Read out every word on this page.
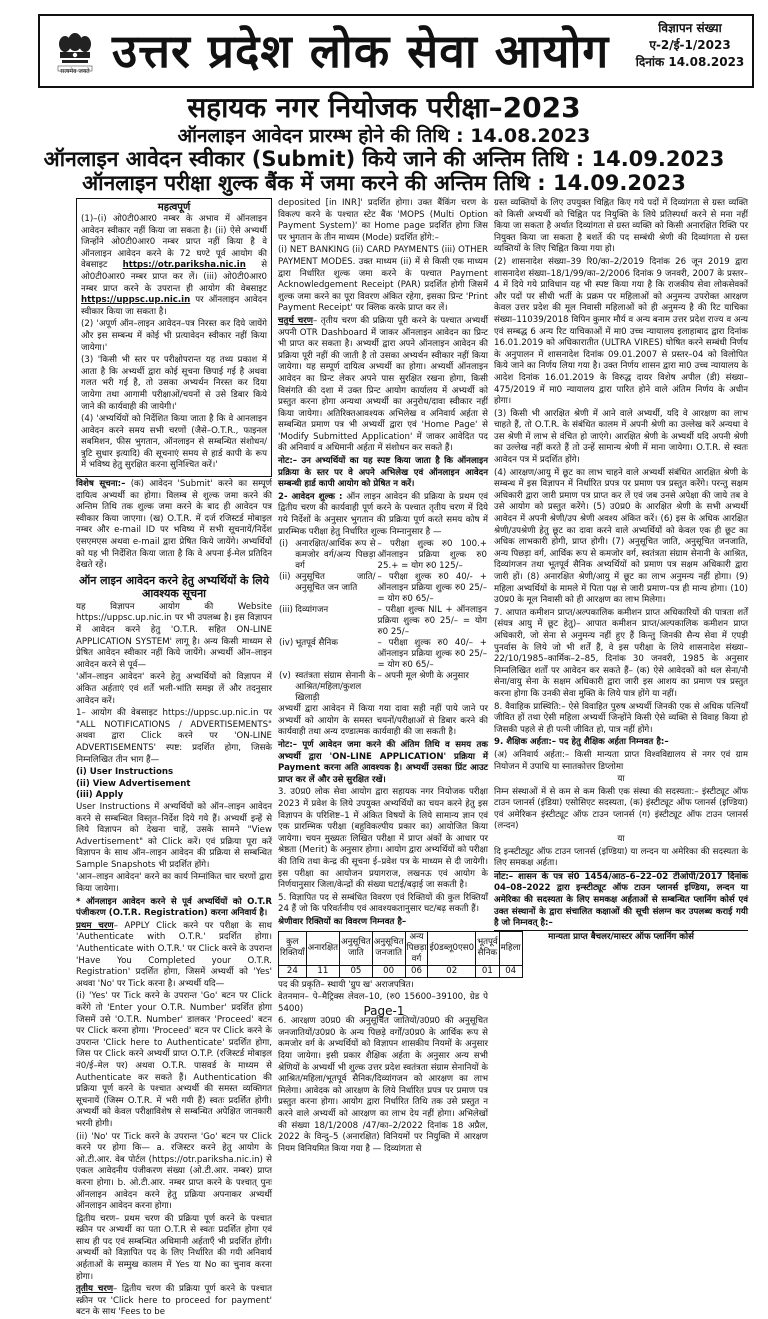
सत्यमेव जयते उत्तर प्रदेश लोक सेवा आयोग	विज्ञापन संख्या
ए-2/ई-1/2023
दिनांक 14.08.2023
सहायक नगर नियोजक परीक्षा–2023
ऑनलाइन आवेदन प्रारम्भ होने की तिथि : 14.08.2023
ऑनलाइन आवेदन स्वीकार (Submit) किये जाने की अन्तिम तिथि : 14.09.2023
ऑनलाइन परीक्षा शुल्क बैंक में जमा करने की अन्तिम तिथि : 14.09.2023
महत्वपूर्ण

(1)–(i) ओ0टी0आर0 नम्बर के अभाव में ऑनलाइन आवेदन स्वीकार नहीं किया जा सकता है। (ii) ऐसे अभ्यर्थी जिन्होंने ओ0टी0आर0 नम्बर प्राप्त नहीं किया है वे ऑनलाइन आवेदन करने के 72 घण्टे पूर्व आयोग की वेबसाइट https://otr.pariksha.nic.in से ओ0टी0आर0 नम्बर प्राप्त कर लें। (iii) ओ0टी0आर0 नम्बर प्राप्त करने के उपरान्त ही आयोग की वेबसाइट https://uppsc.up.nic.in पर ऑनलाइन आवेदन स्वीकार किया जा सकता है।

(2) 'अपूर्ण ऑन–लाइन आवेदन–पत्र निरस्त कर दिये जायेंगे और इस सम्बन्ध में कोई भी प्रत्यावेदन स्वीकार नहीं किया जायेगा।'

(3) 'किसी भी स्तर पर परीक्षोपरान्त यह तथ्य प्रकाश में आता है कि अभ्यर्थी द्वारा कोई सूचना छिपाई गई है अथवा गलत भरी गई है, तो उसका अभ्यर्थन निरस्त कर दिया जायेगा तथा आगामी परीक्षाओं/चयनों से उसे डिबार किये जाने की कार्यवाही की जायेगी।'

(4) 'अभ्यर्थियों को निर्देशित किया जाता है कि वे आनलाइन आवेदन करने समय सभी चरणों (जैसे–O.T.R., फाइनल सबमिशन, फीस भुगतान, ऑनलाइन से सम्बन्धित संशोधन/त्रुटि सुधार इत्यादि) की सूचनाएं समय से हार्ड कापी के रूप में भविष्य हेतु सुरक्षित करना सुनिश्चित करें।'

विशेष सूचना:– (क) आवेदन 'Submit' करने का सम्पूर्ण दायित्व अभ्यर्थी का होगा। विलम्ब से शुल्क जमा करने की अन्तिम तिथि तक शुल्क जमा करने के बाद ही आवेदन पत्र स्वीकार किया जाएगा। (ख) O.T.R. में दर्ज रजिस्टर्ड मोबाइल नम्बर और e-mail ID पर भविष्य में सभी सूचनायें/निर्देश एसएमएस अथवा e-mail द्वारा प्रेषित किये जायेंगे। अभ्यर्थियों को यह भी निर्देशित किया जाता है कि वे अपना ई-मेल प्रतिदिन देखते रहें।

ऑन लाइन आवेदन करने हेतु अभ्यर्थियों के लिये आवश्यक सूचना

यह विज्ञापन आयोग की Website https://uppsc.up.nic.in पर भी उपलब्ध है। इस विज्ञापन में आवेदन करने हेतु 'O.T.R. सहित ON-LINE APPLICATION SYSTEM' लागू है। अन्य किसी माध्यम से प्रेषित आवेदन स्वीकार नहीं किये जायेंगे। अभ्यर्थी ऑन–लाइन आवेदन करने से पूर्व—

'ऑन–लाइन आवेदन' करने हेतु अभ्यर्थियों को विज्ञापन में अंकित अर्हताएं एवं शर्तें भली-भांति समझ लें और तदनुसार आवेदन करें।

1– आयोग की वेबसाइट https://uppsc.up.nic.in पर "ALL NOTIFICATIONS / ADVERTISEMENTS" अथवा द्वारा Click करने पर 'ON-LINE ADVERTISEMENTS' स्पष्ट: प्रदर्शित होगा, जिसके निम्नलिखित तीन भाग हैं—

(i) User Instructions
(ii) View Advertisement
(iii) Apply

User Instructions में अभ्यर्थियों को ऑन–लाइन आवेदन करने से सम्बन्धित विस्तृत–निर्देश दिये गये हैं। अभ्यर्थी इन्हें से लिये विज्ञापन को देखना चाहें, उसके सामने "View Advertisement" को Click करें। एवं प्रक्रिया पूरा करें विज्ञापन के साथ ऑन–लाइन आवेदन की प्रक्रिया से सम्बन्धित Sample Snapshots भी प्रदर्शित होंगे।

'आन–लाइन आवेदन' करने का कार्य निम्नांकित चार चरणों द्वारा किया जायेगा।

* ऑनलाइन आवेदन करने से पूर्व अभ्यर्थियों को O.T.R पंजीकरण (O.T.R. Registration) करना अनिवार्य है।

प्रथम चरण– APPLY Click करने पर परीक्षा के साथ 'Authenticate with O.T.R.' प्रदर्शित होगा। 'Authenticate with O.T.R.' पर Click करने के उपरान्त 'Have You Completed your O.T.R. Registration' प्रदर्शित होगा, जिसमें अभ्यर्थी को 'Yes' अथवा 'No' पर Tick करना है। अभ्यर्थी यदि—

(i) 'Yes' पर Tick करने के उपरान्त 'Go' बटन पर Click करेंगे तो 'Enter your O.T.R. Number' प्रदर्शित होगा जिसमें उसे 'O.T.R. Number' डालकर 'Proceed' बटन पर Click करना होगा। 'Proceed' बटन पर Click करने के उपरान्त 'Click here to Authenticate' प्रदर्शित होगा, जिस पर Click करने अभ्यर्थी प्राप्त O.T.P. (रजिस्टर्ड मोबाइल नं0/ई–मेल पर) अथवा O.T.R. पासवर्ड के माध्यम से Authenticate कर सकते हैं। Authentication की प्रक्रिया पूर्ण करने के पश्चात अभ्यर्थी की समस्त व्यक्तिगत सूचनायें (जिस्म O.T.R. में भरी गयी हैं) स्वतः प्रदर्शित होगी। अभ्यर्थी को केवल परीक्षाविशेष से सम्बन्धित अपेक्षित जानकारी भरनी होगी।

(ii) 'No' पर Tick करने के उपरान्त 'Go' बटन पर Click करने पर होगा कि— a. रजिस्टर करने हेतु आयोग के ओ.टी.आर. वेब पोर्टल (https://otr.pariksha.nic.in) से एकल आवेदनीय पंजीकरण संख्या (ओ.टी.आर. नम्बर) प्राप्त करना होगा। b. ओ.टी.आर. नम्बर प्राप्त करने के पश्चात् पुनः ऑनलाइन आवेदन करने हेतु प्रक्रिया अपनाकर अभ्यर्थी ऑनलाइन आवेदन करना होगा।

द्वितीय चरण– प्रथम चरण की प्रक्रिया पूर्ण करने के पश्चात स्क्रीन पर अभ्यर्थी का पता O.T.R से स्वतः प्रदर्शित होगा एवं साथ ही पद एवं सम्बन्धित अधिमानी अर्हताएँ भी प्रदर्शित होंगी। अभ्यर्थी को विज्ञापित पद के लिए निर्धारित की गयी अनिवार्य अर्हताओं के सम्मुख कालम में Yes या No का चुनाव करना होगा।

तृतीय चरण– द्वितीय चरण की प्रक्रिया पूर्ण करने के पश्चात स्क्रीन पर 'Click here to proceed for payment' बटन के साथ 'Fees to be

deposited [in INR]' प्रदर्शित होगा। उक्त बैंकिंग चरण के विकल्प करने के पश्चात स्टेट बैंक 'MOPS (Multi Option Payment System)' का Home page प्रदर्शित होगा जिस पर भुगतान के तीन माध्यम (Mode) प्रदर्शित होंगे:–

(i) NET BANKING (ii) CARD PAYMENTS (iii) OTHER PAYMENT MODES. उक्त माध्यम (ii) में से किसी एक माध्यम द्वारा निर्धारित शुल्क जमा करने के पश्चात Payment Acknowledgement Receipt (PAR) प्रदर्शित होगी जिसमें शुल्क जमा करने का पूरा विवरण अंकित रहेगा, इसका प्रिन्ट 'Print Payment Receipt' पर क्लिक करके प्राप्त कर लें।

चतुर्थ चरण– तृतीय चरण की प्रक्रिया पूरी करने के पश्चात अभ्यर्थी अपनी OTR Dashboard में जाकर ऑनलाइन आवेदन का प्रिन्ट भी प्राप्त कर सकता है। अभ्यर्थी द्वारा अपने ऑनलाइन आवेदन की प्रक्रिया पूरी नहीं की जाती है तो उसका अभ्यर्थन स्वीकार नहीं किया जायेगा। यह सम्पूर्ण दायित्व अभ्यर्थी का होगा। अभ्यर्थी ऑनलाइन आवेदन का प्रिन्ट लेकर अपने पास सुरक्षित रखना होगा, किसी विसंगति की दशा में उक्त प्रिन्ट आयोग कार्यालय में अभ्यर्थी को प्रस्तुत करना होगा अन्यथा अभ्यर्थी का अनुरोध/दावा स्वीकार नहीं किया जायेगा। अतिरिक्तआवश्यक अभिलेख व अनिवार्य अर्हता से सम्बन्धित प्रमाण पत्र भी अभ्यर्थी द्वारा एवं 'Home Page' से 'Modify Submitted Application' में जाकर आवेदित पद की अनिवार्य व अधिमानी अर्हता में संशोधन कर सकते हैं।

नोट:– उन अभ्यर्थियों का यह स्पष्ट किया जाता है कि ऑनलाइन प्रक्रिया के स्तर पर वे अपने अभिलेख एवं ऑनलाइन आवेदन सम्बन्धी हार्ड कापी आयोग को प्रेषित न करें।

2- आवेदन शुल्क : ऑन लाइन आवेदन की प्रक्रिया के प्रथम एवं द्वितीय चरण की कार्यवाही पूर्ण करने के पश्चात तृतीय चरण में दिये गये निर्देशों के अनुसार भुगतान की प्रक्रिया पूर्ण करते समय कोष में प्रारम्भिक परीक्षा हेतु निर्धारित शुल्क निम्नानुसार है —

(i)	अनारक्षित/आर्थिक रूप से कमजोर वर्ग/अन्य पिछड़ा वर्ग	– परीक्षा शुल्क रु0 100.+ ऑनलाइन प्रक्रिया शुल्क रु0 25.+ = योग रु0 125/–
(ii)	अनुसूचित जाति/अनुसूचित जन जाति	– परीक्षा शुल्क रु0 40/- + ऑनलाइन प्रक्रिया शुल्क रु0 25/– = योग रु0 65/–
(iii)	दिव्यांगजन	– परीक्षा शुल्क NIL + ऑनलाइन प्रक्रिया शुल्क रु0 25/– = योग रु0 25/–
(iv)	भूतपूर्व सैनिक	– परीक्षा शुल्क रु0 40/– + ऑनलाइन प्रक्रिया शुल्क रु0 25/– = योग रु0 65/–
(v)	स्वतंत्रता संग्राम सेनानी के आश्रित/महिला/कुशल खिलाड़ी	– अपनी मूल श्रेणी के अनुसार

अभ्यर्थी द्वारा आवेदन में किया गया दावा सही नहीं पाये जाने पर अभ्यर्थी को आयोग के समस्त चयनों/परीक्षाओं से डिबार करने की कार्यवाही तथा अन्य दण्डात्मक कार्यवाही की जा सकती है।

नोट:– पूर्ण आवेदन जमा करने की अंतिम तिथि व समय तक अभ्यर्थी द्वारा 'ON-LINE APPLICATION' प्रक्रिया में Payment करना अति आवश्यक है। अभ्यर्थी उसका प्रिंट आउट प्राप्त कर लें और उसे सुरक्षित रखें।

3. उ0प्र0 लोक सेवा आयोग द्वारा सहायक नगर नियोजक परीक्षा 2023 में प्रवेश के लिये उपयुक्त अभ्यर्थियों का चयन करने हेतु इस विज्ञापन के परिशिष्ट–1 में अंकित विषयों के लिये सामान्य ज्ञान एवं एक प्रारम्भिक परीक्षा (बहुविकल्पीय प्रकार का) आयोजित किया जायेगा। चयन मुख्यतः लिखित परीक्षा में प्राप्त अंकों के आधार पर श्रेष्ठता (Merit) के अनुसार होगा। आयोग द्वारा अभ्यर्थियों को परीक्षा की तिथि तथा केन्द्र की सूचना ई–प्रवेश पत्र के माध्यम से दी जायेगी। इस परीक्षा का आयोजन प्रयागराज, लखनऊ एवं आयोग के निर्णयानुसार जिला/केन्द्रों की संख्या घटाई/बढ़ाई जा सकती है।

5. विज्ञापित पद से सम्बंधित विवरण एवं रिक्तियों की कुल रिक्तियाँ 24 हैं जो कि परिवर्तनीय एवं आवश्यकतानुसार घट/बढ़ सकती हैं।

श्रेणीवार रिक्तियों का विवरण निम्नवत है–

कुल रिक्तियाँ	अनारक्षित	अनुसूचित जाति	अनुसूचित जनजाति	अन्य पिछड़ा वर्ग	ई0डब्लू0एस0	भूतपूर्व सैनिक	महिला
24	11	05	00	06	02	01	04

पद की प्रकृति– स्थायी 'ग्रुप ख' अराजपत्रित।

वेतनमान– पे–मैट्रिक्स लेवल–10, (रु0 15600–39100, ग्रेड पे 5400)

6. आरक्षण उ0प्र0 की अनुसूचित जातियों/उ0प्र0 की अनुसूचित जनजातियों/उ0प्र0 के अन्य पिछड़े वर्गों/उ0प्र0 के आर्थिक रूप से कमजोर वर्ग के अभ्यर्थियों को विज्ञापन शासकीय नियमों के अनुसार दिया जायेगा। इसी प्रकार शैक्षिक अर्हता के अनुसार अन्य सभी श्रेणियों के अभ्यर्थी भी शुल्क उत्तर प्रदेश स्वतंत्रता संग्राम सेनानियों के आश्रित/महिला/भूतपूर्व सैनिक/दिव्यांगजन को आरक्षण का लाभ मिलेगा। आवेदक को आरक्षण के लिये निर्धारित प्रपत्र पर प्रमाण पत्र प्रस्तुत करना होगा। आयोग द्वारा निर्धारित तिथि तक उसे प्रस्तुत न करने वाले अभ्यर्थी को आरक्षण का लाभ देय नहीं होगा। अभिलेखों की संख्या 18/1/2008 /47/का–2/2022 दिनांक 18 अप्रैल, 2022 के विन्दु–5 (अनारक्षित) विनियमों पर नियुक्ति में आरक्षण नियम विनियमित किया गया है — दिव्यांगता से

ग्रस्त व्यक्तियों के लिए उपयुक्त चिह्नित किए गये पदों में दिव्यांगता से ग्रस्त व्यक्ति को किसी अभ्यर्थी को चिह्नित पद नियुक्ति के लिये प्रतिस्पर्धा करने से मना नहीं किया जा सकता है अर्थात दिव्यांगता से ग्रस्त व्यक्ति को किसी अनारक्षित रिक्ति पर नियुक्त किया जा सकता है बशर्ते की पद सम्बंधी श्रेणी की दिव्यांगता से ग्रस्त व्यक्तियों के लिए चिह्नित किया गया हो।

(2) शासनादेश संख्या–39 रि0/का–2/2019 दिनांक 26 जून 2019 द्वारा शासनादेश संख्या–18/1/99/का–2/2006 दिनांक 9 जनवरी, 2007 के प्रस्तर–4 में दिये गये प्राविधान यह भी स्पष्ट किया गया है कि राजकीय सेवा लोकसेवकों और पदों पर सीधी भर्ती के प्रक्रम पर महिलाओं को अनुमन्य उपरोक्त आरक्षण केवल उत्तर प्रदेश की मूल निवासी महिलाओं को ही अनुमन्य है की रिट याचिका संख्या–11039/2018 विपिन कुमार मौर्य व अन्य बनाम उत्तर प्रदेश राज्य व अन्य एवं सम्बद्ध 6 अन्य रिट याचिकाओं में मा0 उच्च न्यायालय इलाहाबाद द्वारा दिनांक 16.01.2019 को अधिकारातीत (ULTRA VIRES) घोषित करने सम्बंधी निर्णय के अनुपालन में शासनादेश दिनांक 09.01.2007 से प्रस्तर–04 को विलोपित किये जाने का निर्णय लिया गया है। उक्त निर्णय शासन द्वारा मा0 उच्च न्यायालय के आदेश दिनांक 16.01.2019 के विरुद्ध दायर विशेष अपील (डी) संख्या–475/2019 में मा0 न्यायालय द्वारा पारित होने वाले अंतिम निर्णय के अधीन होगा।

(3) किसी भी आरक्षित श्रेणी में आने वाले अभ्यर्थी, यदि वे आरक्षण का लाभ चाहते हैं, तो O.T.R. के संबंधित कालम में अपनी श्रेणी का उल्लेख करें अन्यथा वे उस श्रेणी में लाभ से वंचित हो जाएंगे। आरक्षित श्रेणी के अभ्यर्थी यदि अपनी श्रेणी का उल्लेख नहीं करते हैं तो उन्हें सामान्य श्रेणी में माना जायेगा। O.T.R. से स्वतः आवेदन पत्र में प्रदर्शित होंगे।

(4) आरक्षण/आयु में छूट का लाभ चाहने वाले अभ्यर्थी संबंधित आरक्षित श्रेणी के सम्बन्ध में इस विज्ञापन में निर्धारित प्रपत्र पर प्रमाण पत्र प्रस्तुत करेंगे। परन्तु सक्षम अधिकारी द्वारा जारी प्रमाण पत्र प्राप्त कर लें एवं जब उनसे अपेक्षा की जाये तब वे उसे आयोग को प्रस्तुत करेंगे। (5) उ0प्र0 के आरक्षित श्रेणी के सभी अभ्यर्थी आवेदन में अपनी श्रेणी/उप श्रेणी अवश्य अंकित करें। (6) इस के अधिक आरक्षित श्रेणी/उपश्रेणी हेतु छूट का दावा करने वाले अभ्यर्थियों को केवल एक ही छूट का अधिक लाभकारी होगी, प्राप्त होगी। (7) अनुसूचित जाति, अनुसूचित जनजाति, अन्य पिछड़ा वर्ग, आर्थिक रूप से कमजोर वर्ग, स्वतंत्रता संग्राम सेनानी के आश्रित, दिव्यांगजन तथा भूतपूर्व सैनिक अभ्यर्थियों को प्रमाण पत्र सक्षम अधिकारी द्वारा जारी हों। (8) अनारक्षित श्रेणी/आयु में छूट का लाभ अनुमन्य नहीं होगा। (9) महिला अभ्यर्थियों के मामले में पिता पक्ष से जारी प्रमाण–पत्र ही मान्य होगा। (10) उ0प्र0 के मूल निवासी को ही आरक्षण का लाभ मिलेगा।

7. आपात कमीशन प्राप्त/अल्पकालिक कमीशन प्राप्त अधिकारियों की पात्रता शर्तें (संयत्र आयु में छूट हेतु)– आपात कमीशन प्राप्त/अल्पकालिक कमीशन प्राप्त अधिकारी, जो सेना से अनुमन्य नहीं हुए हैं किन्तु जिनकी सैन्य सेवा में एपड़ी पुनर्वास के लिये जो भी शर्तें हैं, वे इस परीक्षा के लिये शासनादेश संख्या–22/10/1985–कार्मिक–2–85, दिनांक 30 जनवरी, 1985 के अनुसार निम्नलिखित शर्तों पर आवेदन कर सकते हैं– (क) ऐसे आवेदकों को थल सेना/नौ सेना/वायु सेना के सक्षम अधिकारी द्वारा जारी इस आशय का प्रमाण पत्र प्रस्तुत करना होगा कि उनकी सेवा मुक्ति के लिये पात्र होंगे या नहीं।

8. वैवाहिक प्रास्थिति:– ऐसे विवाहित पुरुष अभ्यर्थी जिनकी एक से अधिक पत्नियाँ जीवित हों तथा ऐसी महिला अभ्यर्थी जिन्होंने किसी ऐसे व्यक्ति से विवाह किया हो जिसकी पहले से ही पत्नी जीवित हो, पात्र नहीं होंगे।

9. शैक्षिक अर्हता:– पद हेतु शैक्षिक अर्हता निम्नवत है:–

(अ) अनिवार्य अर्हता:– किसी मान्यता प्राप्त विश्वविद्यालय से नगर एवं ग्राम नियोजन में उपाधि या स्नातकोत्तर डिप्लोमा

या

निम्न संस्थाओं में से कम से कम किसी एक संस्था की सदस्यता:– इंस्टीट्यूट ऑफ टाउन प्लानर्स (इंडिया) एसोसिएट सदस्यता, (क) इंस्टीट्यूट ऑफ प्लानर्स (इण्डिया) एवं अमेरिकन इंस्टीट्यूट ऑफ टाउन प्लानर्स (ग) इंस्टीट्यूट ऑफ टाउन प्लानर्स (लन्दन)

या

दि इन्स्टीट्यूट ऑफ टाउन प्लानर्स (इण्डिया) या लन्दन या अमेरिका की सदस्यता के लिए समकक्ष अर्हता।

नोट:– शासन के पत्र सं0 1454/आठ–6–22–02 टीओपी/2017 दिनांक 04–08–2022 द्वारा इन्स्टीट्यूट ऑफ टाउन प्लानर्स इण्डिया, लन्दन या अमेरिका की सदस्यता के लिए समकक्ष अर्हताओं से सम्बन्धित प्लानिंग कोर्स एवं उक्त संस्थानों के द्वारा संचालित कक्षाओं की सूची संलग्न कर उपलब्ध कराई गयी है जो निम्नवत् है:–

मान्यता प्राप्त बैचलर/मास्टर ऑफ प्लानिंग कोर्स

Page-1
